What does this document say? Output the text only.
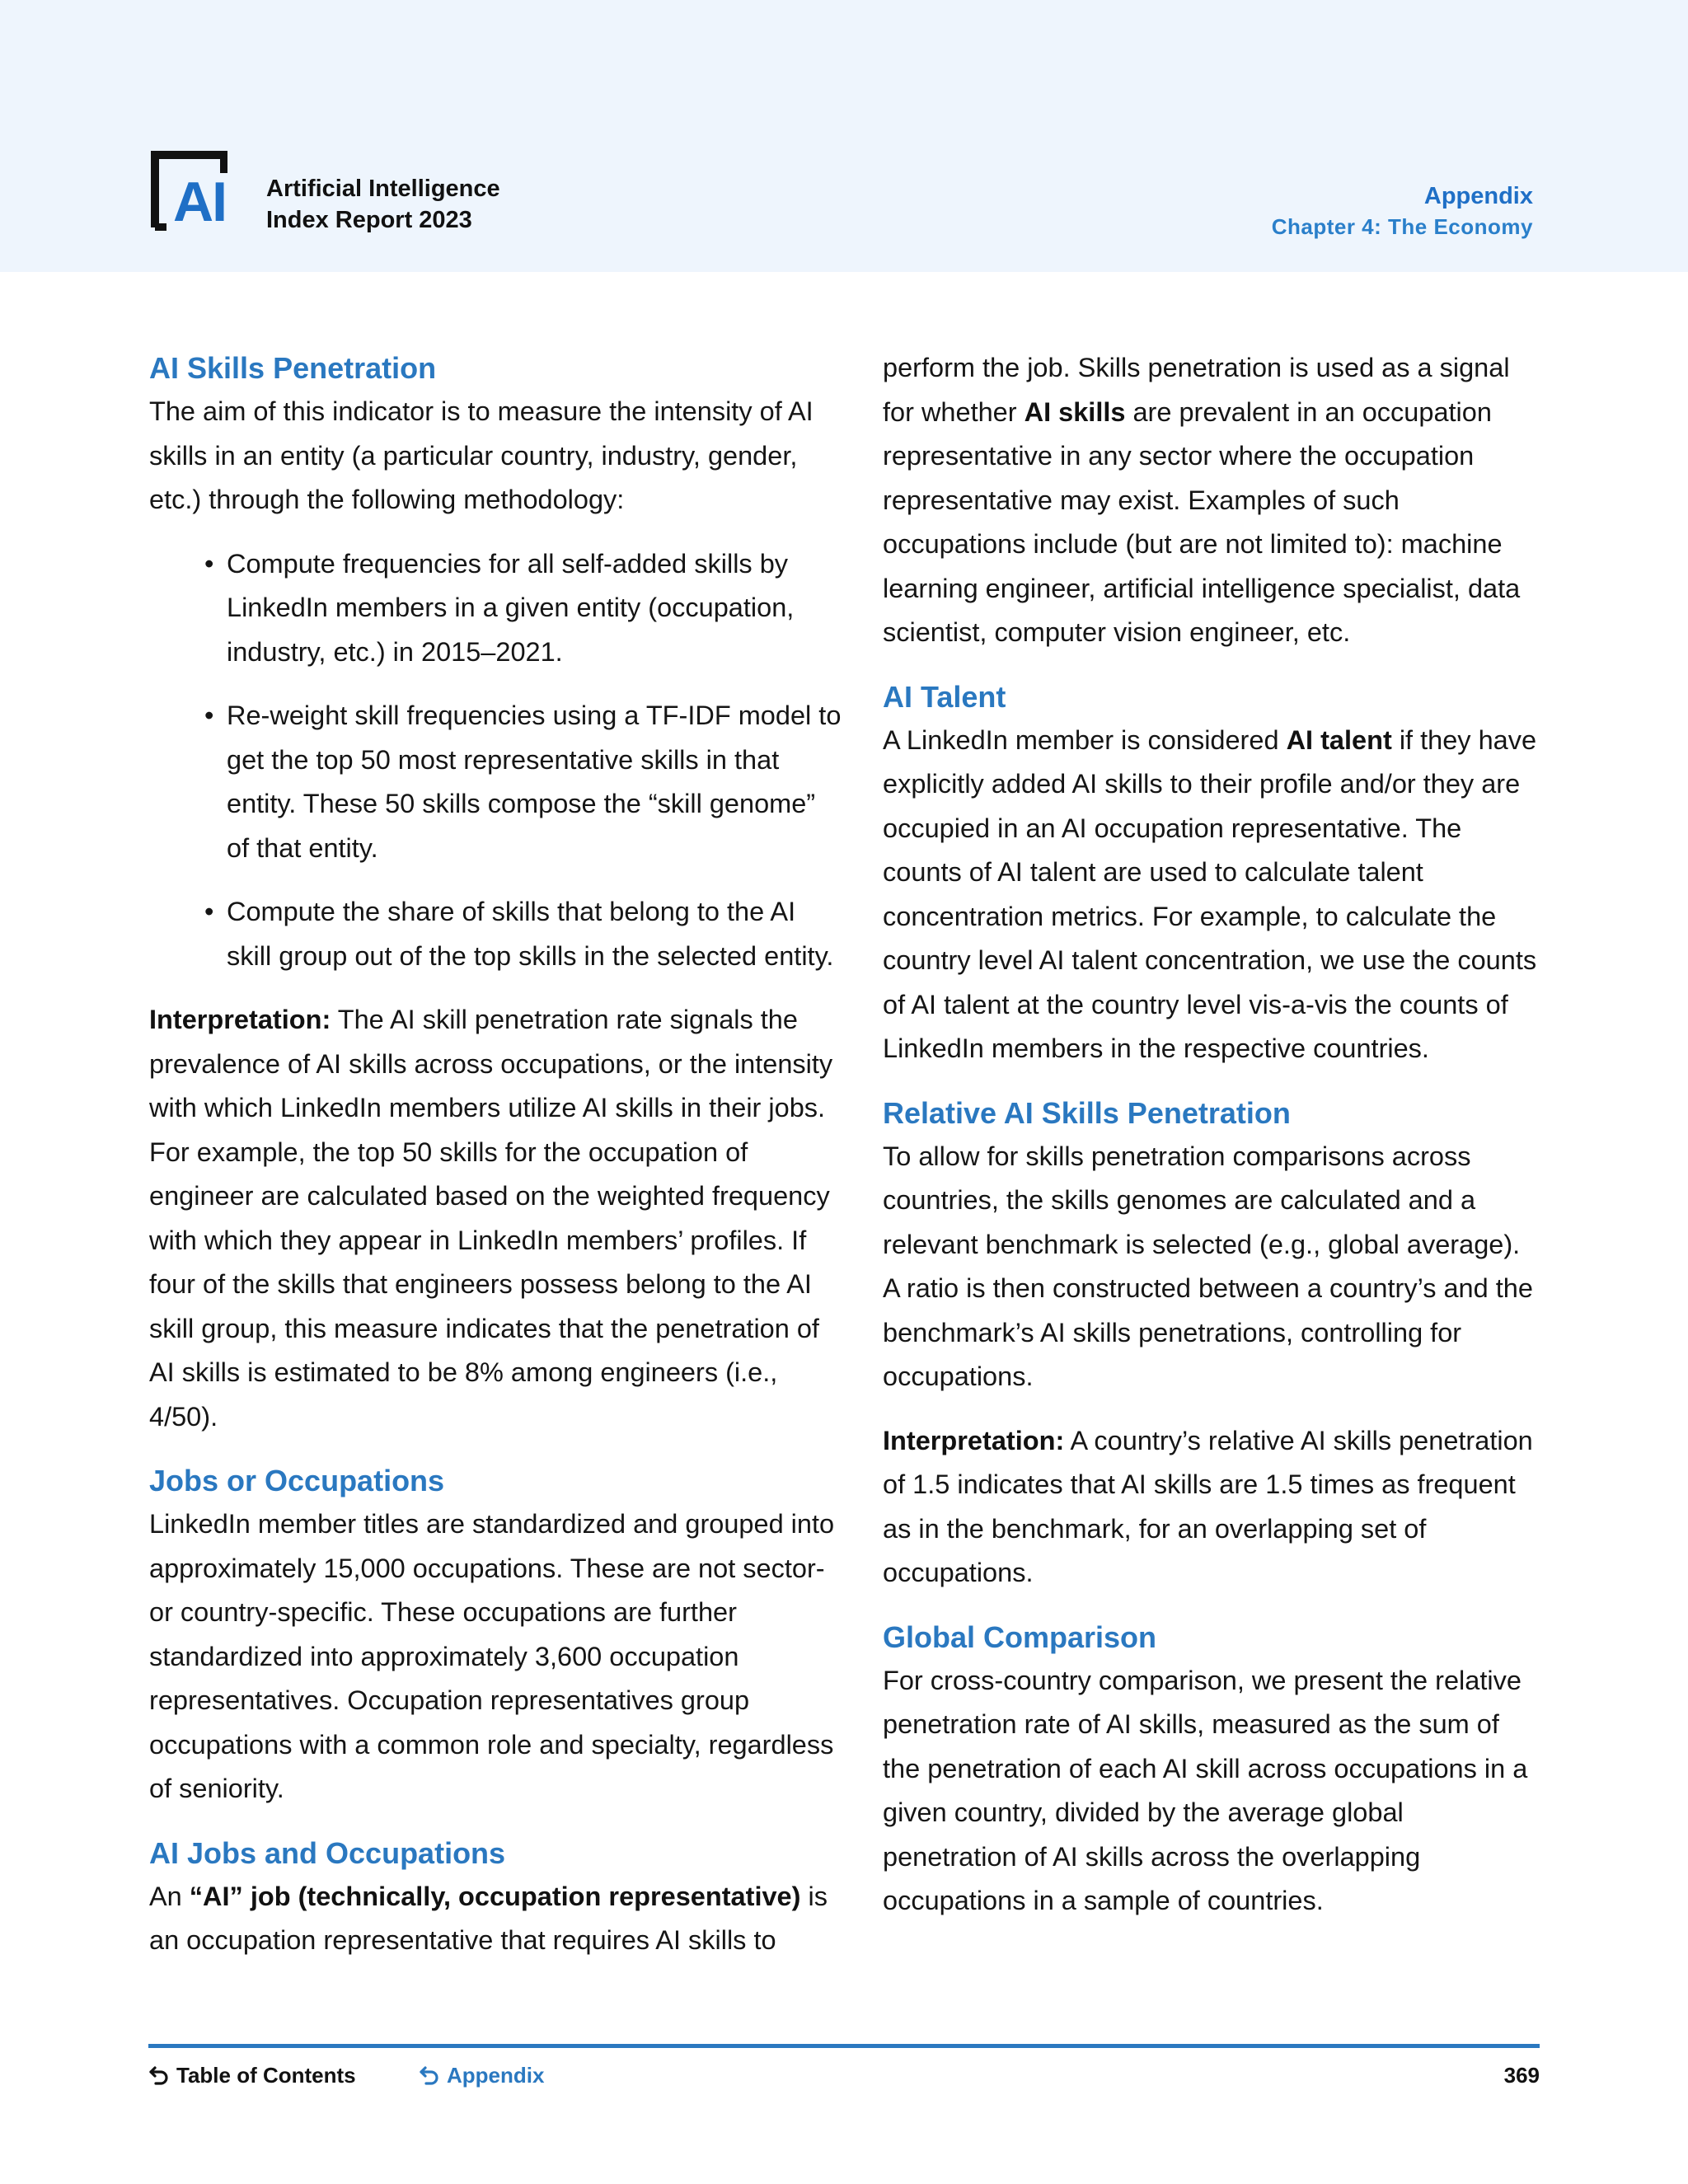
AI Artificial Intelligence
Index Report 2023
Appendix
Chapter 4: The Economy
AI Skills Penetration

The aim of this indicator is to measure the intensity of AI skills in an entity (a particular country, industry, gender, etc.) through the following methodology:

• Compute frequencies for all self-added skills by LinkedIn members in a given entity (occupation, industry, etc.) in 2015–2021.
• Re-weight skill frequencies using a TF-IDF model to get the top 50 most representative skills in that entity. These 50 skills compose the “skill genome” of that entity.
• Compute the share of skills that belong to the AI skill group out of the top skills in the selected entity.

Interpretation: The AI skill penetration rate signals the prevalence of AI skills across occupations, or the intensity with which LinkedIn members utilize AI skills in their jobs. For example, the top 50 skills for the occupation of engineer are calculated based on the weighted frequency with which they appear in LinkedIn members’ profiles. If four of the skills that engineers possess belong to the AI skill group, this measure indicates that the penetration of AI skills is estimated to be 8% among engineers (i.e., 4/50).

Jobs or Occupations

LinkedIn member titles are standardized and grouped into approximately 15,000 occupations. These are not sector- or country-specific. These occupations are further standardized into approximately 3,600 occupation representatives. Occupation representatives group occupations with a common role and specialty, regardless of seniority.

AI Jobs and Occupations

An “AI” job (technically, occupation representative) is an occupation representative that requires AI skills to

perform the job. Skills penetration is used as a signal for whether AI skills are prevalent in an occupation representative in any sector where the occupation representative may exist. Examples of such occupations include (but are not limited to): machine learning engineer, artificial intelligence specialist, data scientist, computer vision engineer, etc.

AI Talent

A LinkedIn member is considered AI talent if they have explicitly added AI skills to their profile and/or they are occupied in an AI occupation representative. The counts of AI talent are used to calculate talent concentration metrics. For example, to calculate the country level AI talent concentration, we use the counts of AI talent at the country level vis-a-vis the counts of LinkedIn members in the respective countries.

Relative AI Skills Penetration

To allow for skills penetration comparisons across countries, the skills genomes are calculated and a relevant benchmark is selected (e.g., global average). A ratio is then constructed between a country’s and the benchmark’s AI skills penetrations, controlling for occupations.

Interpretation: A country’s relative AI skills penetration of 1.5 indicates that AI skills are 1.5 times as frequent as in the benchmark, for an overlapping set of occupations.

Global Comparison

For cross-country comparison, we present the relative penetration rate of AI skills, measured as the sum of the penetration of each AI skill across occupations in a given country, divided by the average global penetration of AI skills across the overlapping occupations in a sample of countries.

Table of Contents	Appendix	369
